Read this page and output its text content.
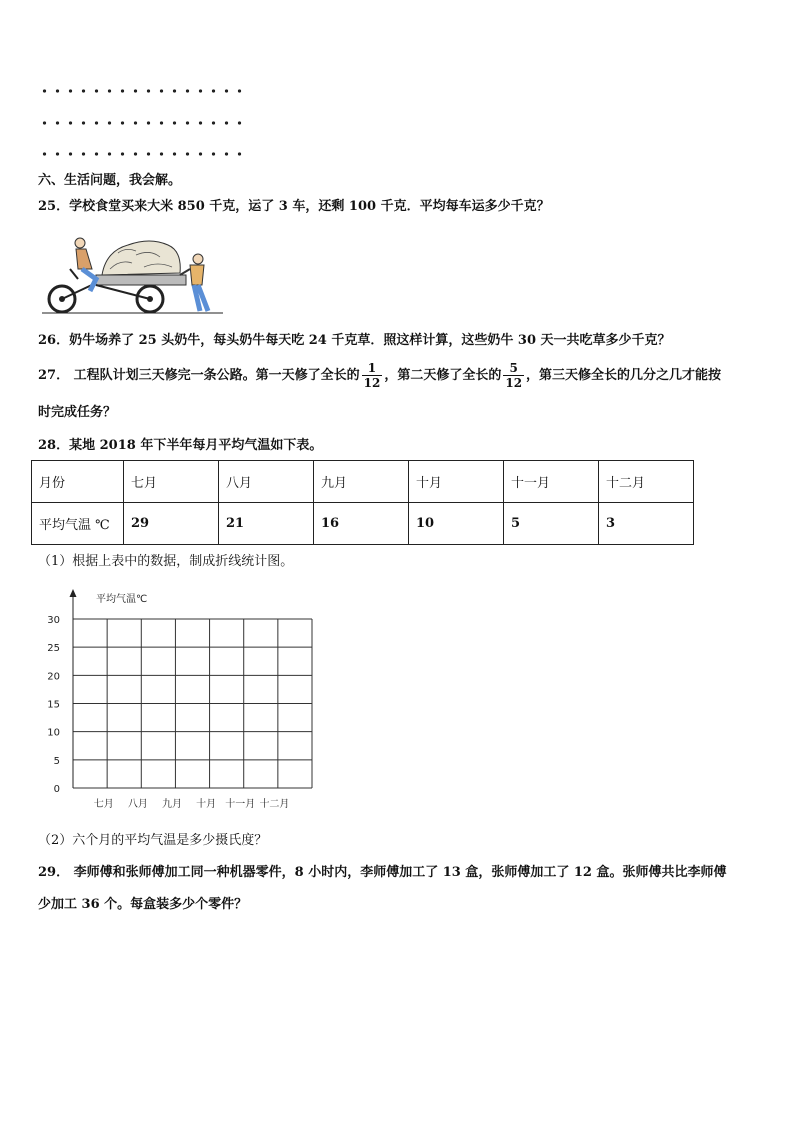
六、生活问题，我会解。
25．学校食堂买来大米 850 千克，运了 3 车，还剩 100 千克．平均每车运多少千克？
26．奶牛场养了 25 头奶牛，每头奶牛每天吃 24 千克草．照这样计算，这些奶牛 30 天一共吃草多少千克？
27． 工程队计划三天修完一条公路。第一天修了全长的 $\frac{1}{12}$ ，第二天修了全长的 $\frac{5}{12}$ ，第三天修全长的几分之几才能按
时完成任务？
28．某地 2018 年下半年每月平均气温如下表。
月份	七月	八月	九月	十月	十一月	十二月
平均气温 ℃	29	21	16	10	5	3
（1）根据上表中的数据，制成折线统计图。
30
25
20
15
10
5
0
七月 八月 九月 十月 十一月 十二月
平均气温℃
（2）六个月的平均气温是多少摄氏度？
29． 李师傅和张师傅加工同一种机器零件，8 小时内，李师傅加工了 13 盒，张师傅加工了 12 盒。张师傅共比李师傅
少加工 36 个。每盒装多少个零件？
